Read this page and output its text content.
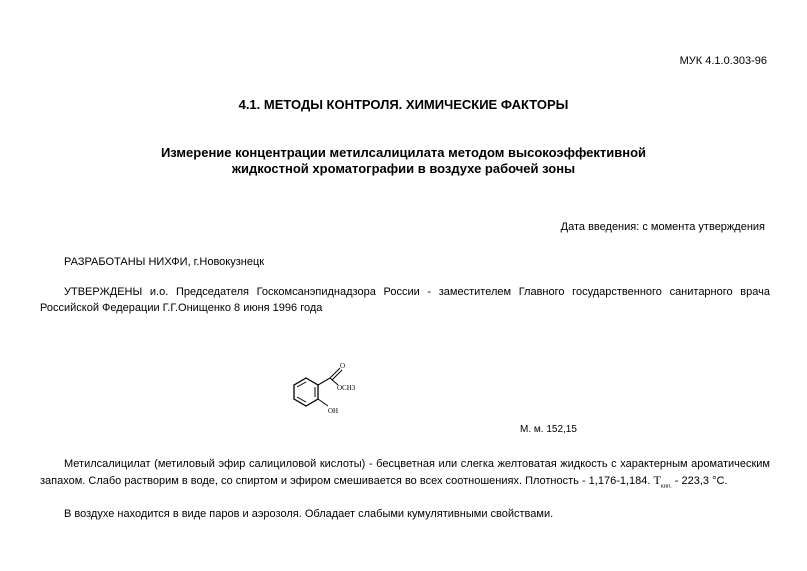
МУК 4.1.0.303-96
4.1. МЕТОДЫ КОНТРОЛЯ. ХИМИЧЕСКИЕ ФАКТОРЫ
Измерение концентрации метилсалицилата методом высокоэффективной
жидкостной хроматографии в воздухе рабочей зоны
Дата введения: с момента утверждения
РАЗРАБОТАНЫ НИХФИ, г.Новокузнецк
УТВЕРЖДЕНЫ и.о. Председателя Госкомсанэпиднадзора России - заместителем Главного государственного санитарного врача Российской Федерации Г.Г.Онищенко 8 июня 1996 года
O
OCH3
OH
М. м. 152,15
Метилсалицилат (метиловый эфир салициловой кислоты) - бесцветная или слегка желтоватая жидкость с характерным ароматическим запахом. Слабо растворим в воде, со спиртом и эфиром смешивается во всех соотношениях. Плотность - 1,176-1,184. $T_{кип.} - 223,3$ °С.
В воздухе находится в виде паров и аэрозоля. Обладает слабыми кумулятивными свойствами.
